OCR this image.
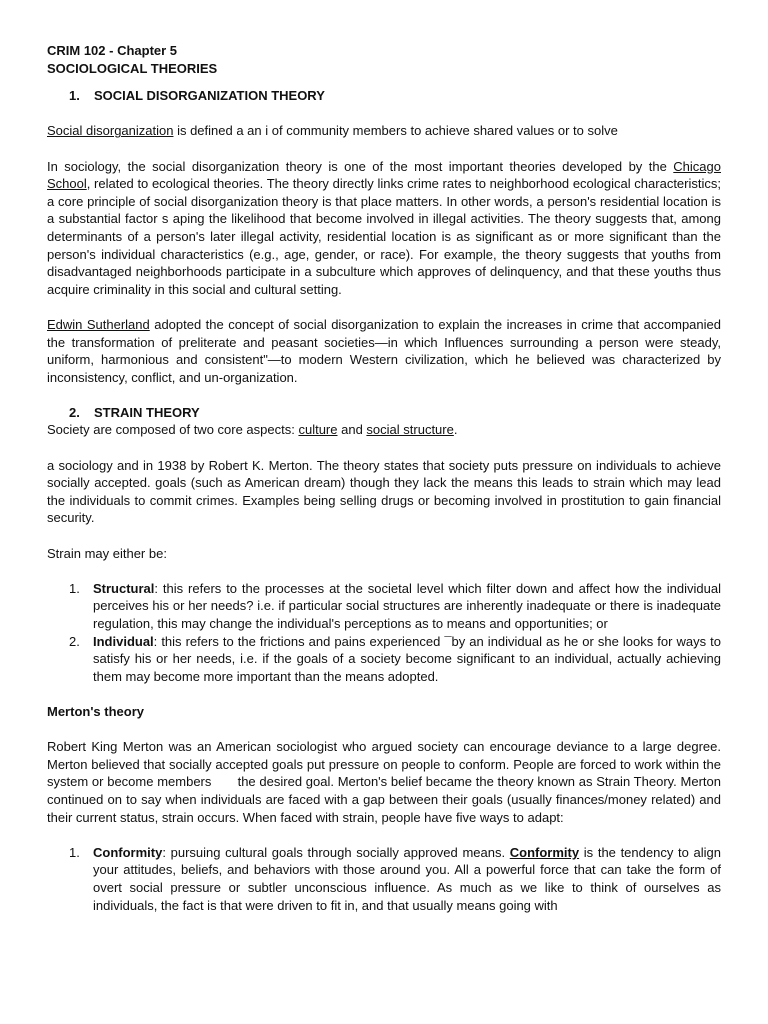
CRIM 102 - Chapter 5
SOCIOLOGICAL THEORIES

1. SOCIAL DISORGANIZATION THEORY

Social disorganization is defined a an i of community members to achieve shared values or to solve

In sociology, the social disorganization theory is one of the most important theories developed by the Chicago School, related to ecological theories. The theory directly links crime rates to neighborhood ecological characteristics; a core principle of social disorganization theory is that place matters. In other words, a person's residential location is a substantial factor s aping the likelihood that become involved in illegal activities. The theory suggests that, among determinants of a person's later illegal activity, residential location is as significant as or more significant than the person's individual characteristics (e.g., age, gender, or race). For example, the theory suggests that youths from disadvantaged neighborhoods participate in a subculture which approves of delinquency, and that these youths thus acquire criminality in this social and cultural setting.

Edwin Sutherland adopted the concept of social disorganization to explain the increases in crime that accompanied the transformation of preliterate and peasant societies—in which Influences surrounding a person were steady, uniform, harmonious and consistent"—to modern Western civilization, which he believed was characterized by inconsistency, conflict, and un-organization.

2. STRAIN THEORY

Society are composed of two core aspects: culture and social structure.

a sociology and in 1938 by Robert K. Merton. The theory states that society puts pressure on individuals to achieve socially accepted. goals (such as American dream) though they lack the means this leads to strain which may lead the individuals to commit crimes. Examples being selling drugs or becoming involved in prostitution to gain financial security.

Strain may either be:

1.	Structural: this refers to the processes at the societal level which filter down and affect how the individual perceives his or her needs? i.e. if particular social structures are inherently inadequate or there is inadequate regulation, this may change the individual's perceptions as to means and opportunities; or
2.	Individual: this refers to the frictions and pains experienced ¯by an individual as he or she looks for ways to satisfy his or her needs, i.e. if the goals of a society become significant to an individual, actually achieving them may become more important than the means adopted.

Merton's theory

Robert King Merton was an American sociologist who argued society can encourage deviance to a large degree. Merton believed that socially accepted goals put pressure on people to conform. People are forced to work within the system or become members       the desired goal. Merton's belief became the theory known as Strain Theory. Merton continued on to say when individuals are faced with a gap between their goals (usually finances/money related) and their current status, strain occurs. When faced with strain, people have five ways to adapt:

1.	Conformity: pursuing cultural goals through socially approved means. Conformity is the tendency to align your attitudes, beliefs, and behaviors with those around you. All a powerful force that can take the form of overt social pressure or subtler unconscious influence. As much as we like to think of ourselves as individuals, the fact is that were driven to fit in, and that usually means going with
